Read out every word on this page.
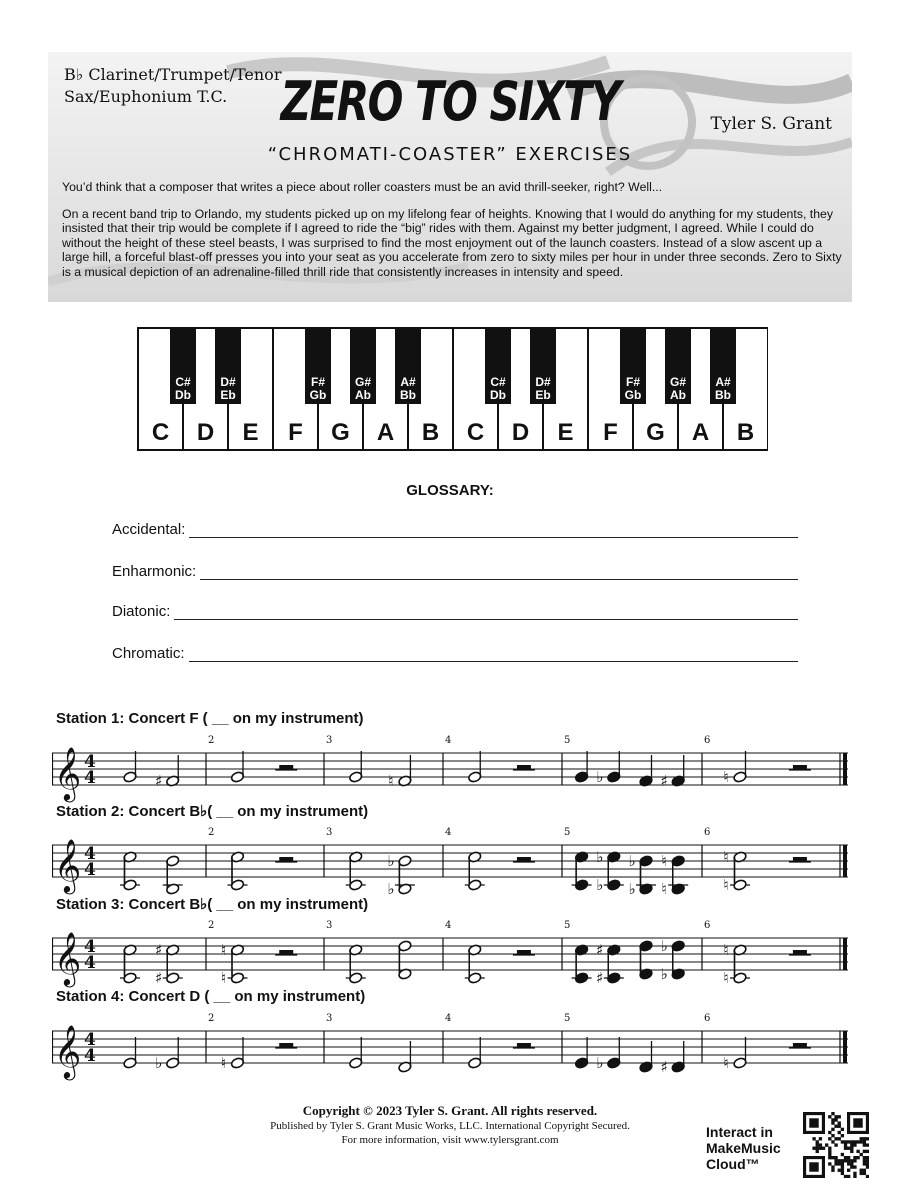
B♭ Clarinet/Trumpet/Tenor
Sax/Euphonium T.C. ZERO TO SIXTY
“CHROMATI-COASTER” EXERCISES
Tyler S. Grant

You’d think that a composer that writes a piece about roller coasters must be an avid thrill-seeker, right? Well...

On a recent band trip to Orlando, my students picked up on my lifelong fear of heights. Knowing that I would do anything for my students, they insisted that their trip would be complete if I agreed to ride the “big” rides with them. Against my better judgment, I agreed. While I could do without the height of these steel beasts, I was surprised to find the most enjoyment out of the launch coasters. Instead of a slow ascent up a large hill, a forceful blast-off presses you into your seat as you accelerate from zero to sixty miles per hour in under three seconds. Zero to Sixty is a musical depiction of an adrenaline-filled thrill ride that consistently increases in intensity and speed.

C D E F G A B C D E F G A B
C#
Db
D#
Eb
F#
Gb
G#
Ab
A#
Bb
C#
Db
D#
Eb
F#
Gb
G#
Ab
A#
Bb
GLOSSARY:
Accidental:
Enharmonic:
Diatonic:
Chromatic:
Station 1: Concert F ( __ on my instrument)
𝄞 4
4
2	3	4	5	6
♯	♮	♭	♯	♮
Station 2: Concert B♭( __ on my instrument)
𝄞 4
4
2	3	4	5	6
♭
♭
♭
♭
♭
♭
♮
♮
♮
♮
Station 3: Concert B♭( __ on my instrument)
𝄞 4
4
2	3	4	5	6
♯
♯
♮
♮
♯
♯
♭
♭
♮
♮
Station 4: Concert D ( __ on my instrument)
𝄞 4
4
2	3	4	5	6
♭	♮	♭	♯	♮
Copyright © 2023 Tyler S. Grant. All rights reserved.
Published by Tyler S. Grant Music Works, LLC. International Copyright Secured.
For more information, visit www.tylersgrant.com	Interact in
MakeMusic
Cloud™
